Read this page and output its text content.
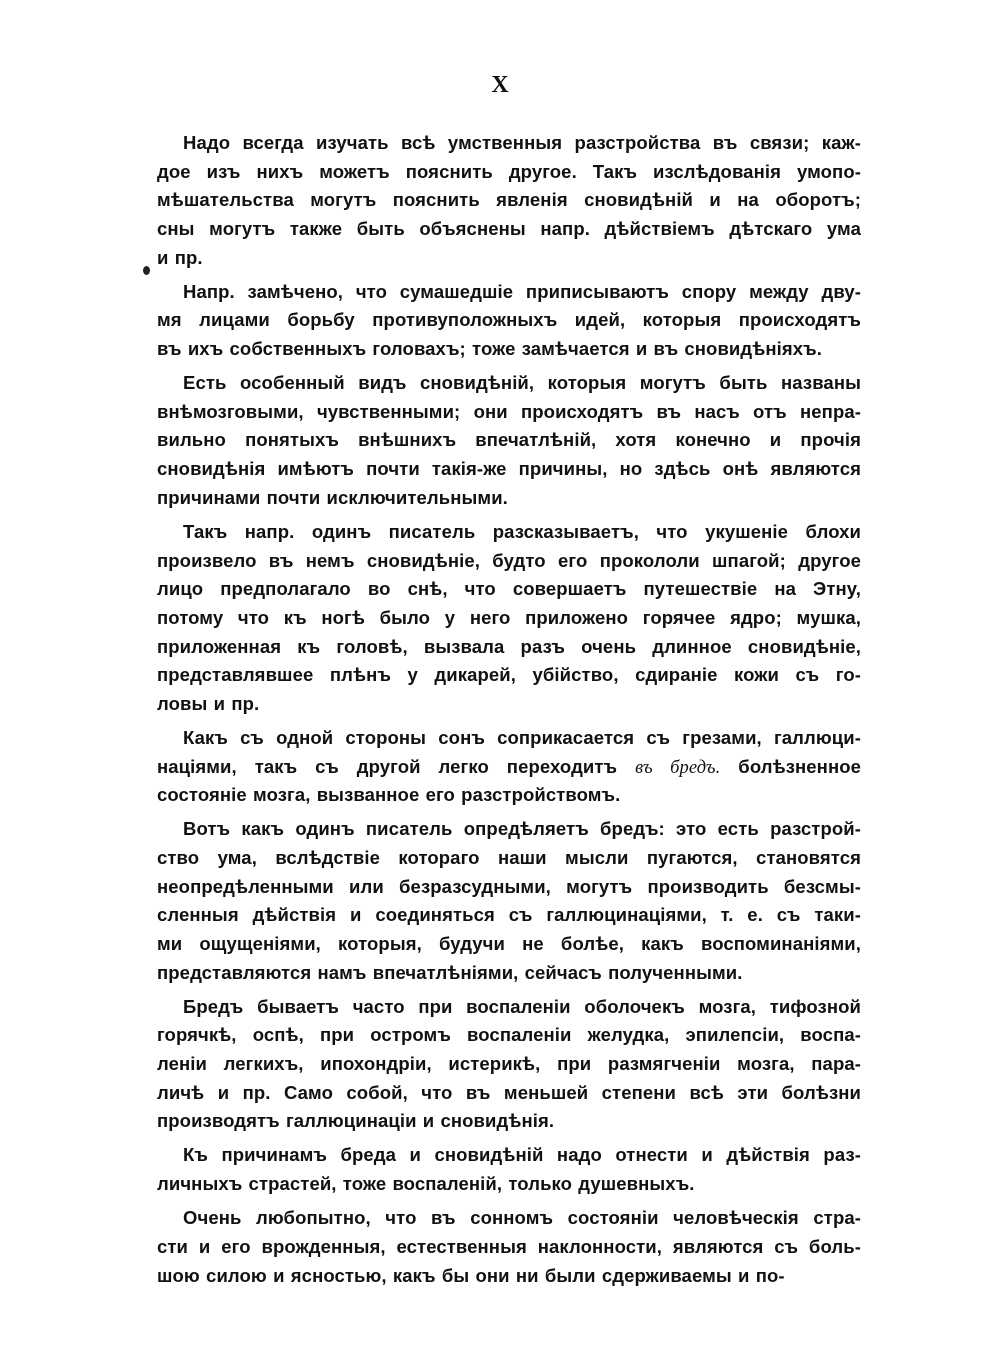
X
Надо всегда изучать всѣ умственныя разстройства въ связи; каж-
дое изъ нихъ можетъ пояснить другое. Такъ изслѣдованія умопо-
мѣшательства могутъ пояснить явленія сновидѣній и на оборотъ;
сны могутъ также быть объяснены напр. дѣйствіемъ дѣтскаго ума
и пр.
Напр. замѣчено, что сумашедшіе приписываютъ спору между дву-
мя лицами борьбу противуположныхъ идей, которыя происходятъ
въ ихъ собственныхъ головахъ; тоже замѣчается и въ сновидѣніяхъ.
Есть особенный видъ сновидѣній, которыя могутъ быть названы
внѣмозговыми, чувственными; они происходятъ въ насъ отъ непра-
вильно понятыхъ внѣшнихъ впечатлѣній, хотя конечно и прочія
сновидѣнія имѣютъ почти такія-же причины, но здѣсь онѣ являются
причинами почти исключительными.
Такъ напр. одинъ писатель разсказываетъ, что укушеніе блохи
произвело въ немъ сновидѣніе, будто его прокололи шпагой; другое
лицо предполагало во снѣ, что совершаетъ путешествіе на Этну,
потому что къ ногѣ было у него приложено горячее ядро; мушка,
приложенная къ головѣ, вызвала разъ очень длинное сновидѣніе,
представлявшее плѣнъ у дикарей, убійство, сдираніе кожи съ го-
ловы и пр.
Какъ съ одной стороны сонъ соприкасается съ грезами, галлюци-
націями, такъ съ другой легко переходитъ въ бредъ. болѣзненное
состояніе мозга, вызванное его разстройствомъ.
Вотъ какъ одинъ писатель опредѣляетъ бредъ: это есть разстрой-
ство ума, вслѣдствіе котораго наши мысли пугаются, становятся
неопредѣленными или безразсудными, могутъ производить безсмы-
сленныя дѣйствія и соединяться съ галлюцинаціями, т. е. съ таки-
ми ощущеніями, которыя, будучи не болѣе, какъ воспоминаніями,
представляются намъ впечатлѣніями, сейчасъ полученными.
Бредъ бываетъ часто при воспаленіи оболочекъ мозга, тифозной
горячкѣ, оспѣ, при остромъ воспаленіи желудка, эпилепсіи, воспа-
леніи легкихъ, ипохондріи, истерикѣ, при размягченіи мозга, пара-
личѣ и пр. Само собой, что въ меньшей степени всѣ эти болѣзни
производятъ галлюцинаціи и сновидѣнія.
Къ причинамъ бреда и сновидѣній надо отнести и дѣйствія раз-
личныхъ страстей, тоже воспаленій, только душевныхъ.
Очень любопытно, что въ сонномъ состояніи человѣческія стра-
сти и его врожденныя, естественныя наклонности, являются съ боль-
шою силою и ясностью, какъ бы они ни были сдерживаемы и по-
